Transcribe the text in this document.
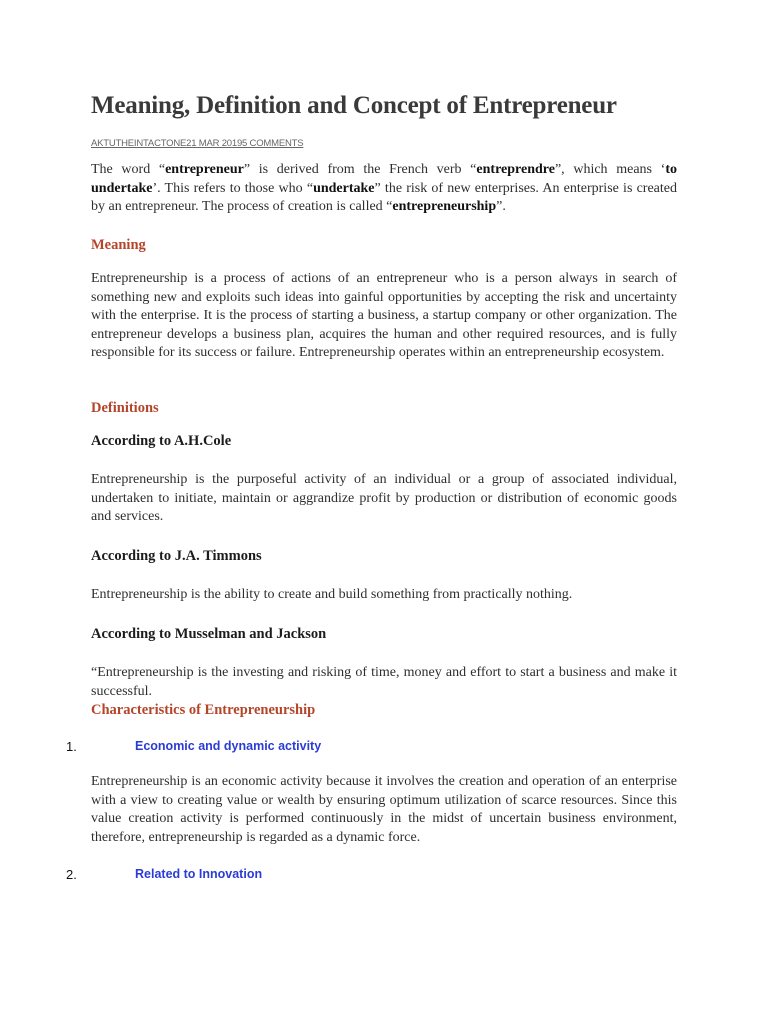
Meaning, Definition and Concept of Entrepreneur
AKTUTHEINTACTONE21 MAR 20195 COMMENTS

The word “entrepreneur” is derived from the French verb “entreprendre”, which means ‘to undertake’. This refers to those who “undertake” the risk of new enterprises. An enterprise is created by an entrepreneur. The process of creation is called “entrepreneurship”.

Meaning

Entrepreneurship is a process of actions of an entrepreneur who is a person always in search of something new and exploits such ideas into gainful opportunities by accepting the risk and uncertainty with the enterprise. It is the process of starting a business, a startup company or other organization. The entrepreneur develops a business plan, acquires the human and other required resources, and is fully responsible for its success or failure. Entrepreneurship operates within an entrepreneurship ecosystem.

Definitions
According to A.H.Cole

Entrepreneurship is the purposeful activity of an individual or a group of associated individual, undertaken to initiate, maintain or aggrandize profit by production or distribution of economic goods and services.

According to J.A. Timmons

Entrepreneurship is the ability to create and build something from practically nothing.

According to Musselman and Jackson

“Entrepreneurship is the investing and risking of time, money and effort to start a business and make it successful.

Characteristics of Entrepreneurship
1.	Economic and dynamic activity

Entrepreneurship is an economic activity because it involves the creation and operation of an enterprise with a view to creating value or wealth by ensuring optimum utilization of scarce resources. Since this value creation activity is performed continuously in the midst of uncertain business environment, therefore, entrepreneurship is regarded as a dynamic force.

2.	Related to Innovation
